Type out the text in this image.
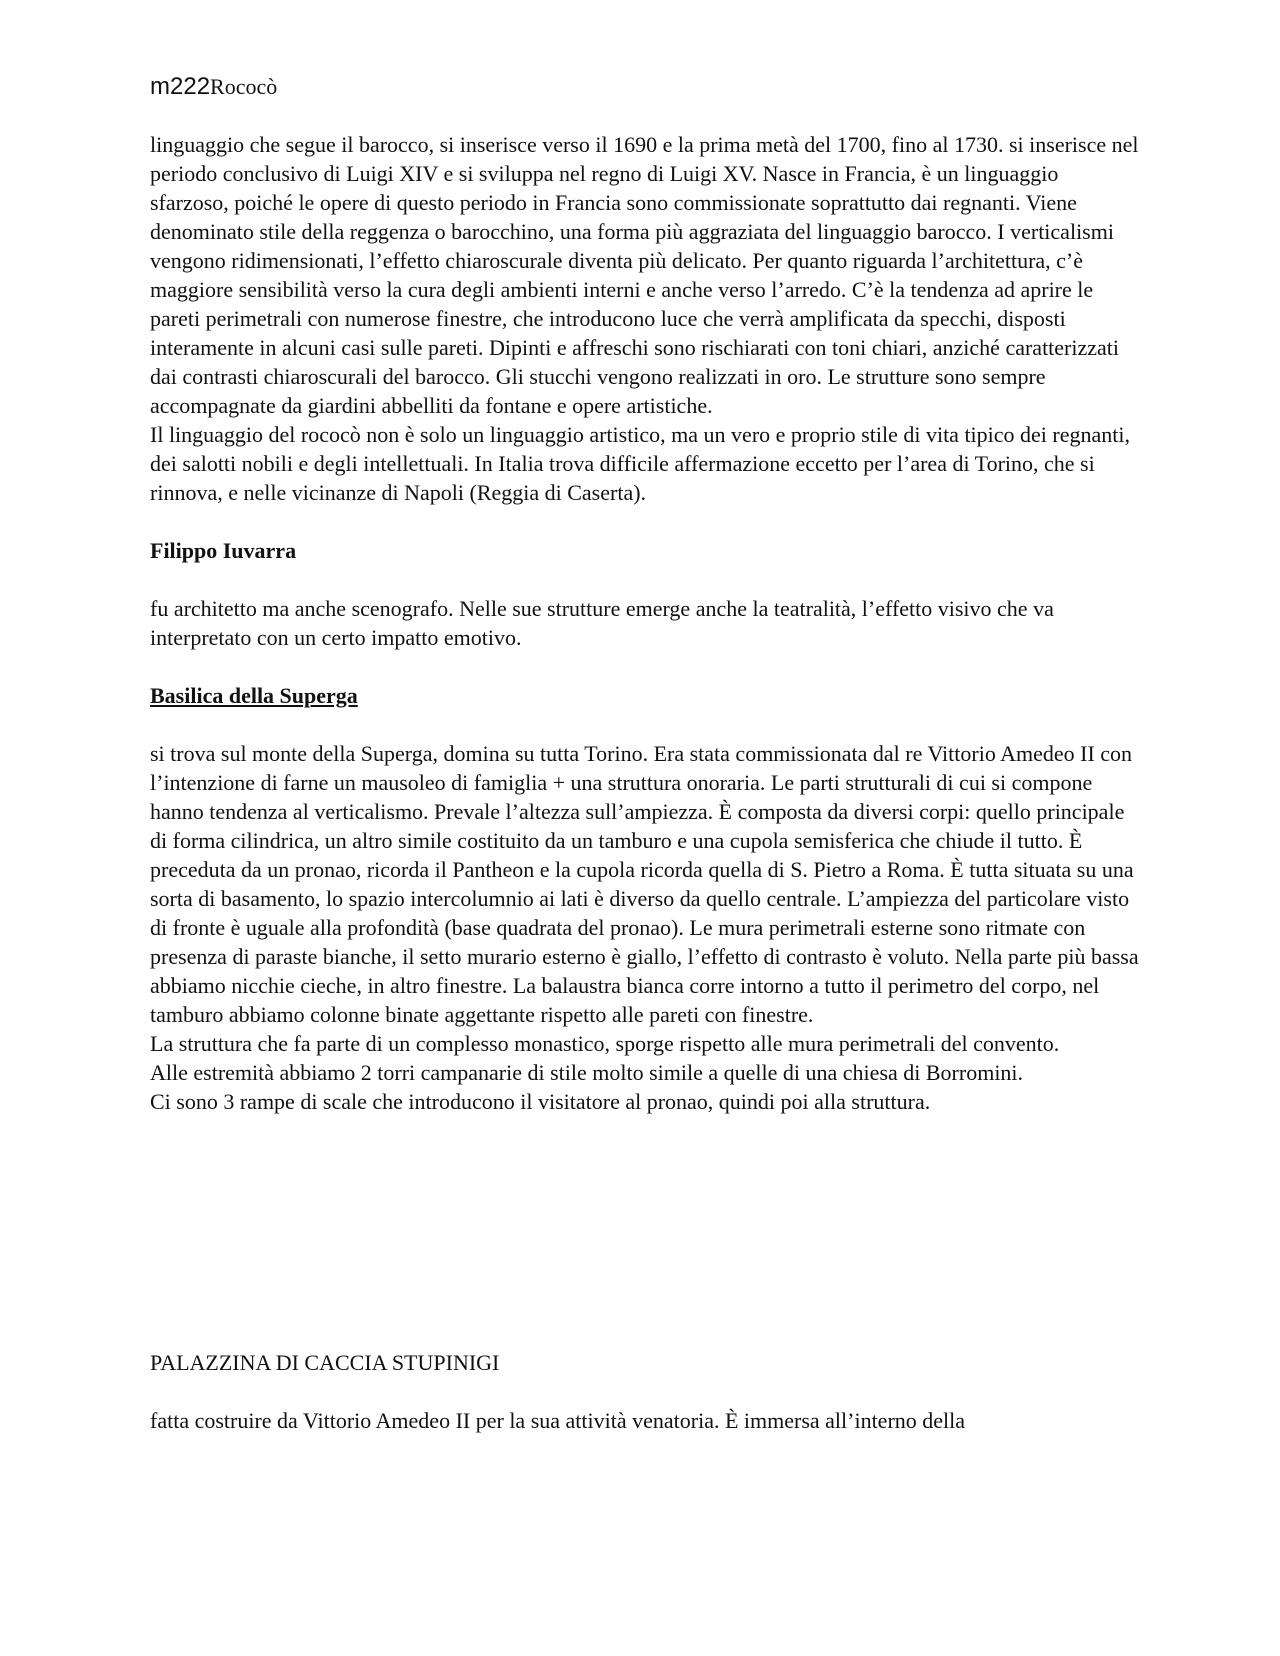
m222Rococò

linguaggio che segue il barocco, si inserisce verso il 1690 e la prima metà del 1700, fino al 1730. si inserisce nel periodo conclusivo di Luigi XIV e si sviluppa nel regno di Luigi XV. Nasce in Francia, è un linguaggio sfarzoso, poiché le opere di questo periodo in Francia sono commissionate soprattutto dai regnanti. Viene denominato stile della reggenza o barocchino, una forma più aggraziata del linguaggio barocco. I verticalismi vengono ridimensionati, l’effetto chiaroscurale diventa più delicato. Per quanto riguarda l’architettura, c’è maggiore sensibilità verso la cura degli ambienti interni e anche verso l’arredo. C’è la tendenza ad aprire le pareti perimetrali con numerose finestre, che introducono luce che verrà amplificata da specchi, disposti interamente in alcuni casi sulle pareti. Dipinti e affreschi sono rischiarati con toni chiari, anziché caratterizzati dai contrasti chiaroscurali del barocco. Gli stucchi vengono realizzati in oro. Le strutture sono sempre accompagnate da giardini abbelliti da fontane e opere artistiche.

Il linguaggio del rococò non è solo un linguaggio artistico, ma un vero e proprio stile di vita tipico dei regnanti, dei salotti nobili e degli intellettuali. In Italia trova difficile affermazione eccetto per l’area di Torino, che si rinnova, e nelle vicinanze di Napoli (Reggia di Caserta).

Filippo Iuvarra

fu architetto ma anche scenografo. Nelle sue strutture emerge anche la teatralità, l’effetto visivo che va interpretato con un certo impatto emotivo.

Basilica della Superga

si trova sul monte della Superga, domina su tutta Torino. Era stata commissionata dal re Vittorio Amedeo II con l’intenzione di farne un mausoleo di famiglia + una struttura onoraria. Le parti strutturali di cui si compone hanno tendenza al verticalismo. Prevale l’altezza sull’ampiezza. È composta da diversi corpi: quello principale di forma cilindrica, un altro simile costituito da un tamburo e una cupola semisferica che chiude il tutto. È preceduta da un pronao, ricorda il Pantheon e la cupola ricorda quella di S. Pietro a Roma. È tutta situata su una sorta di basamento, lo spazio intercolumnio ai lati è diverso da quello centrale. L’ampiezza del particolare visto di fronte è uguale alla profondità (base quadrata del pronao). Le mura perimetrali esterne sono ritmate con presenza di paraste bianche, il setto murario esterno è giallo, l’effetto di contrasto è voluto. Nella parte più bassa abbiamo nicchie cieche, in altro finestre. La balaustra bianca corre intorno a tutto il perimetro del corpo, nel tamburo abbiamo colonne binate aggettante rispetto alle pareti con finestre.

La struttura che fa parte di un complesso monastico, sporge rispetto alle mura perimetrali del convento.

Alle estremità abbiamo 2 torri campanarie di stile molto simile a quelle di una chiesa di Borromini.

Ci sono 3 rampe di scale che introducono il visitatore al pronao, quindi poi alla struttura.

PALAZZINA DI CACCIA STUPINIGI

fatta costruire da Vittorio Amedeo II per la sua attività venatoria. È immersa all’interno della
